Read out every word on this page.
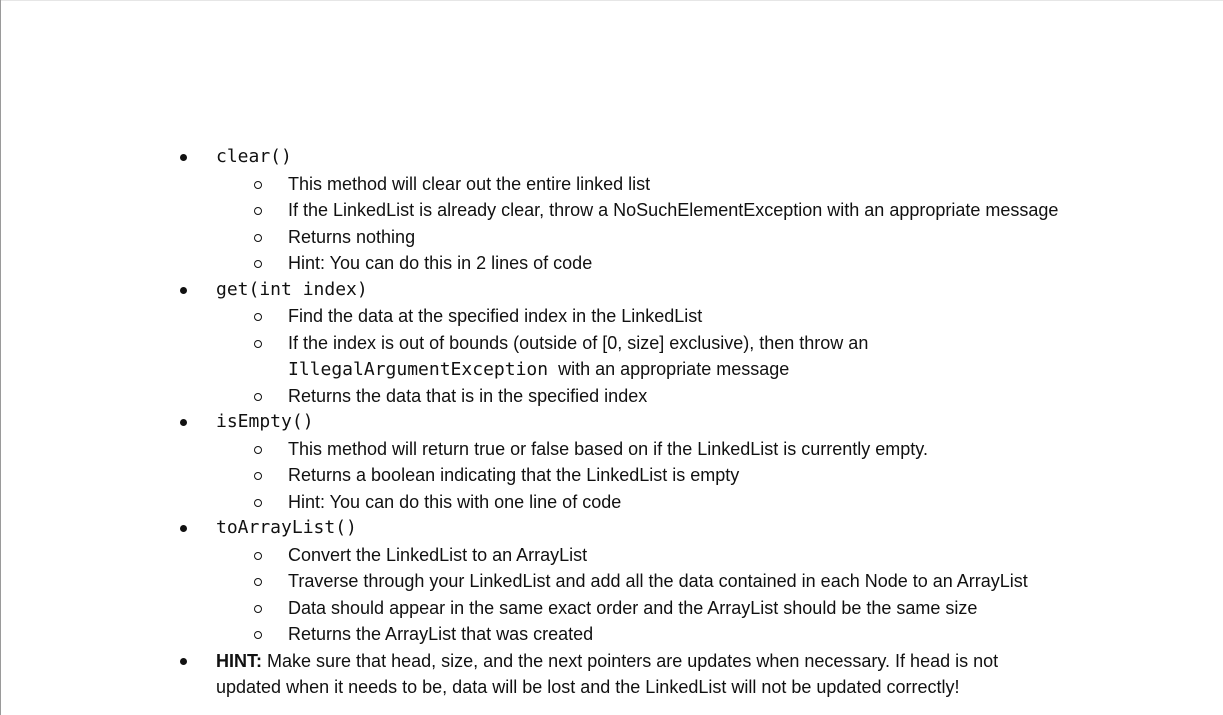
clear()
This method will clear out the entire linked list
If the LinkedList is already clear, throw a NoSuchElementException with an appropriate message
Returns nothing
Hint: You can do this in 2 lines of code
get(int index)
Find the data at the specified index in the LinkedList
If the index is out of bounds (outside of [0, size] exclusive), then throw an
IllegalArgumentException with an appropriate message
Returns the data that is in the specified index
isEmpty()
This method will return true or false based on if the LinkedList is currently empty.
Returns a boolean indicating that the LinkedList is empty
Hint: You can do this with one line of code
toArrayList()
Convert the LinkedList to an ArrayList
Traverse through your LinkedList and add all the data contained in each Node to an ArrayList
Data should appear in the same exact order and the ArrayList should be the same size
Returns the ArrayList that was created
HINT: Make sure that head, size, and the next pointers are updates when necessary. If head is not
updated when it needs to be, data will be lost and the LinkedList will not be updated correctly!
